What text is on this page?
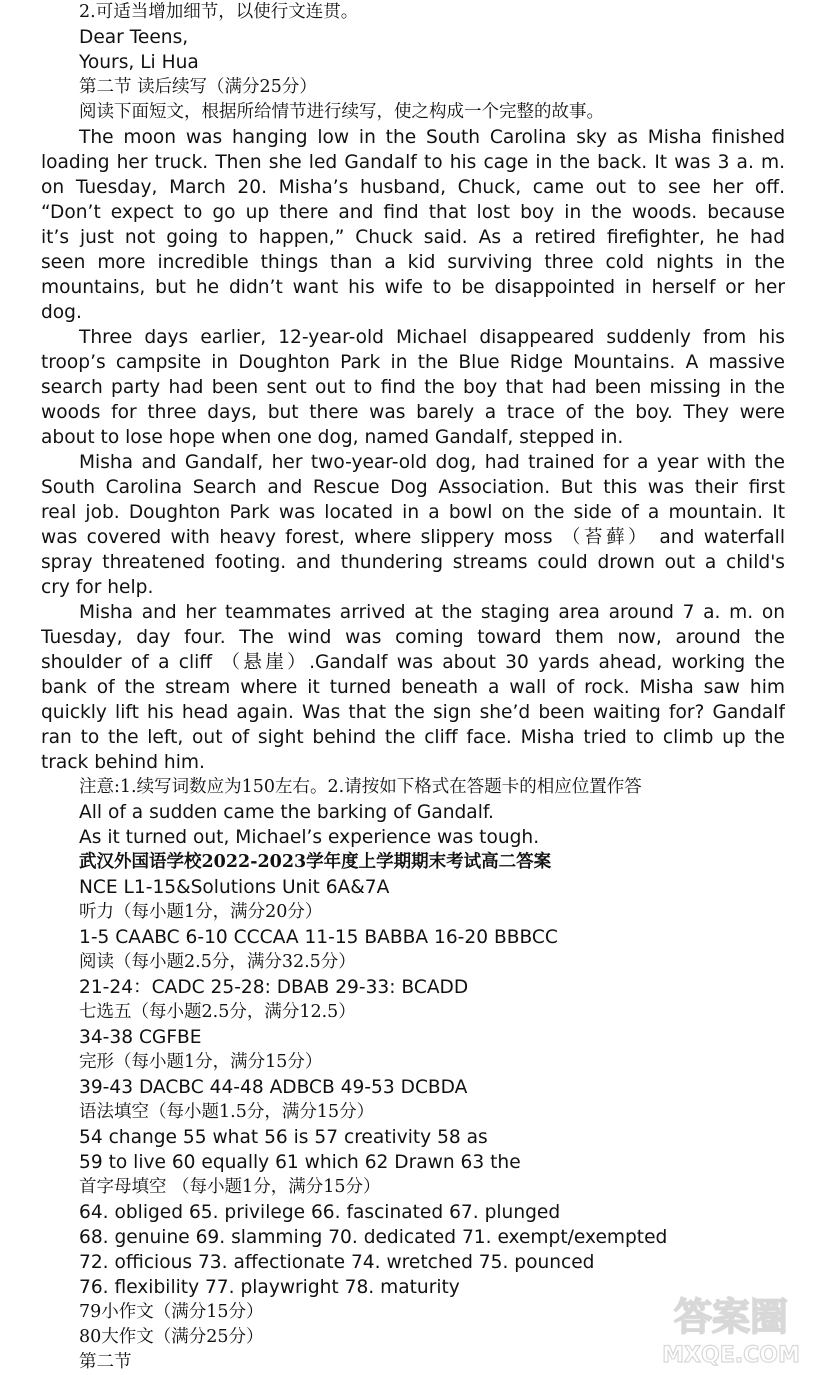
2.可适当增加细节，以使行文连贯。
Dear Teens,
Yours, Li Hua
第二节 读后续写（满分25分）
阅读下面短文，根据所给情节进行续写，使之构成一个完整的故事。
The moon was hanging low in the South Carolina sky as Misha finished
loading her truck. Then she led Gandalf to his cage in the back. It was 3 a. m.
on Tuesday, March 20. Misha’s husband, Chuck, came out to see her off.
“Don’t expect to go up there and find that lost boy in the woods. because
it’s just not going to happen,” Chuck said. As a retired firefighter, he had
seen more incredible things than a kid surviving three cold nights in the
mountains, but he didn’t want his wife to be disappointed in herself or her
dog.
Three days earlier, 12-year-old Michael disappeared suddenly from his
troop’s campsite in Doughton Park in the Blue Ridge Mountains. A massive
search party had been sent out to find the boy that had been missing in the
woods for three days, but there was barely a trace of the boy. They were
about to lose hope when one dog, named Gandalf, stepped in.
Misha and Gandalf, her two-year-old dog, had trained for a year with the
South Carolina Search and Rescue Dog Association. But this was their first
real job. Doughton Park was located in a bowl on the side of a mountain. It
was covered with heavy forest, where slippery moss （苔藓） and waterfall
spray threatened footing. and thundering streams could drown out a child's
cry for help.
Misha and her teammates arrived at the staging area around 7 a. m. on
Tuesday, day four. The wind was coming toward them now, around the
shoulder of a cliff （悬崖）.Gandalf was about 30 yards ahead, working the
bank of the stream where it turned beneath a wall of rock. Misha saw him
quickly lift his head again. Was that the sign she’d been waiting for? Gandalf
ran to the left, out of sight behind the cliff face. Misha tried to climb up the
track behind him.
注意:1.续写词数应为150左右。2.请按如下格式在答题卡的相应位置作答
All of a sudden came the barking of Gandalf.
As it turned out, Michael’s experience was tough.
武汉外国语学校2022-2023学年度上学期期末考试高二答案
NCE L1-15&Solutions Unit 6A&7A
听力（每小题1分，满分20分）
1-5 CAABC 6-10 CCCAA 11-15 BABBA 16-20 BBBCC
阅读（每小题2.5分，满分32.5分）
21-24：CADC 25-28: DBAB 29-33: BCADD
七选五（每小题2.5分，满分12.5）
34-38 CGFBE
完形（每小题1分，满分15分）
39-43 DACBC 44-48 ADBCB 49-53 DCBDA
语法填空（每小题1.5分，满分15分）
54 change 55 what 56 is 57 creativity 58 as
59 to live 60 equally 61 which 62 Drawn 63 the
首字母填空 （每小题1分，满分15分）
64. obliged 65. privilege 66. fascinated 67. plunged
68. genuine 69. slamming 70. dedicated 71. exempt/exempted
72. officious 73. affectionate 74. wretched 75. pounced
76. flexibility 77. playwright 78. maturity
79小作文（满分15分）
80大作文（满分25分）
第二节
答案圈
MXQE.COM
